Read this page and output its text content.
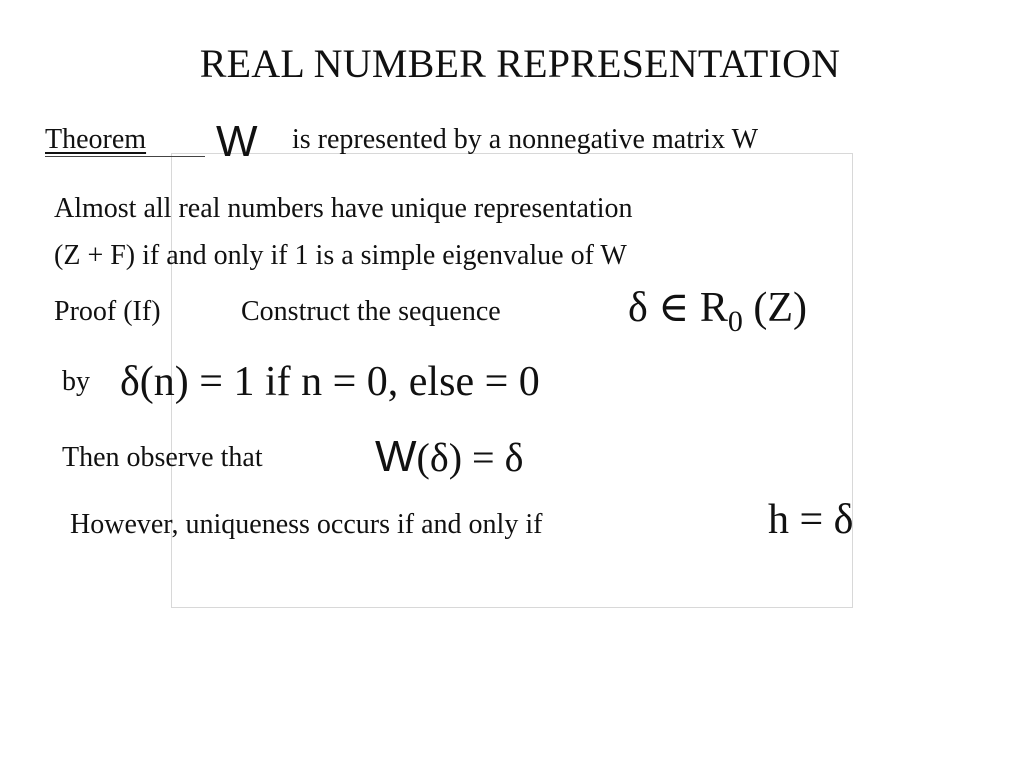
REAL NUMBER REPRESENTATION
Theorem W is represented by a nonnegative matrix W
Almost all real numbers have unique representation
(Z + F) if and only if 1 is a simple eigenvalue of W
Proof (If)	Construct the sequence	δ ∈ $R_0$ (Z)
by δ(n) = 1 if n = 0, else = 0
Then observe that	W(δ) = δ
However, uniqueness occurs if and only if	h = δ
